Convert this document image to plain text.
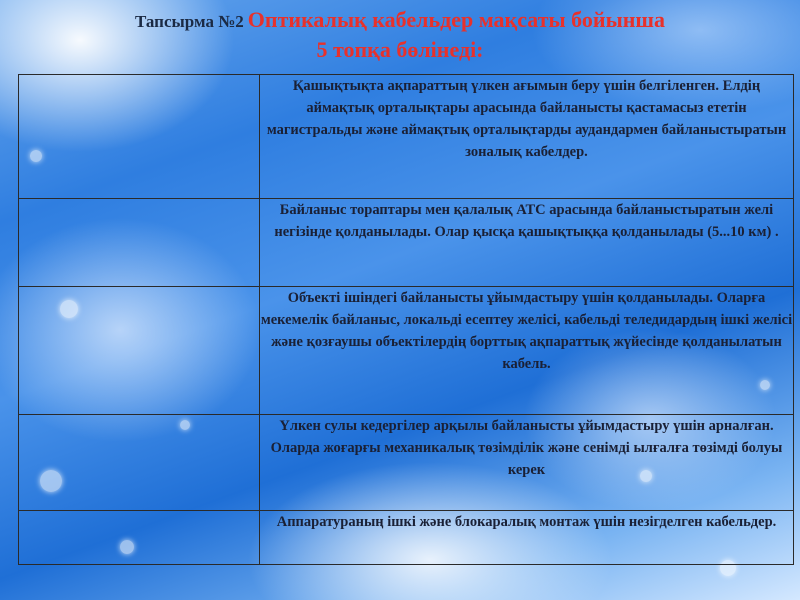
Тапсырма №2 Оптикалық кабельдер мақсаты бойынша
5 топқа бөлінеді:
	Қашықтықта ақпараттың үлкен ағымын беру үшін белгіленген. Елдің аймақтық орталықтары арасында байланысты қастамасыз ететін магистральды және аймақтық орталықтарды аудандармен байланыстыратын зоналық кабелдер.
	Байланыс тораптары мен қалалық АТС арасында байланыстыратын желі негізінде қолданылады. Олар қысқа қашықтыққа қолданылады (5...10 км) .
	Объекті ішіндегі байланысты ұйымдастыру үшін қолданылады. Оларға мекемелік байланыс, локальді есептеу желісі, кабельді теледидардың ішкі желісі және қозғаушы объектілердің борттық ақпараттық жүйесінде қолданылатын кабель.
	Үлкен сулы кедергілер арқылы байланысты ұйымдастыру үшін арналған. Оларда жоғарғы механикалық төзімділік және сенімді ылғалға төзімді болуы керек
	Аппаратураның ішкі және блокаралық монтаж үшін незігделген кабельдер.
